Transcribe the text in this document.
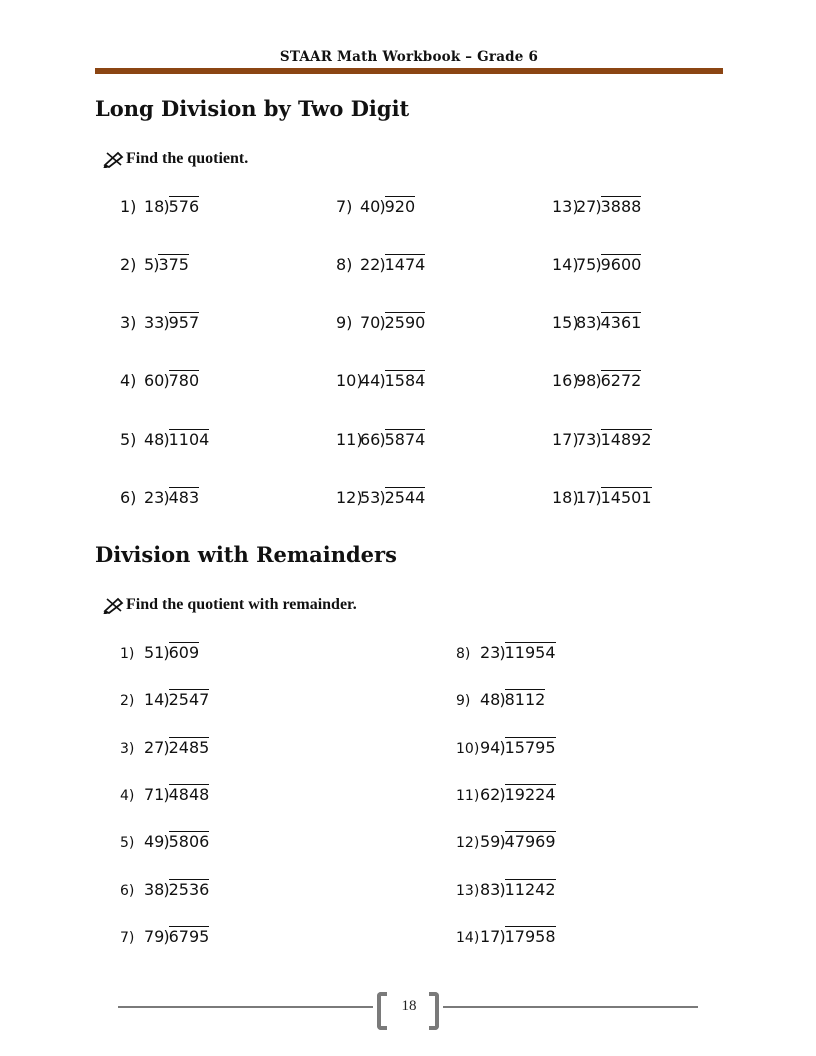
STAAR Math Workbook – Grade 6
Long Division by Two Digit
Find the quotient.
1) 18 ) 576
2) 5 ) 375
3) 33 ) 957
4) 60 ) 780
5) 48 ) 1104
6) 23 ) 483
7) 40 ) 920
8) 22 ) 1474
9) 70 ) 2590
10)
44 ) 1584
11)
66 ) 5874
12)
53 ) 2544
13)
27 ) 3888
14)
75 ) 9600
15)
83 ) 4361
16)
98 ) 6272
17)
73 ) 14892
18)
17 ) 14501
Division with Remainders
Find the quotient with remainder.
1) 51 ) 609
2) 14 ) 2547
3) 27 ) 2485
4) 71 ) 4848
5) 49 ) 5806
6) 38 ) 2536
7) 79 ) 6795
8) 23 ) 11954
9) 48 ) 8112
10) 94 ) 15795
11) 62 ) 19224
12) 59 ) 47969
13) 83 ) 11242
14) 17 ) 17958
18
